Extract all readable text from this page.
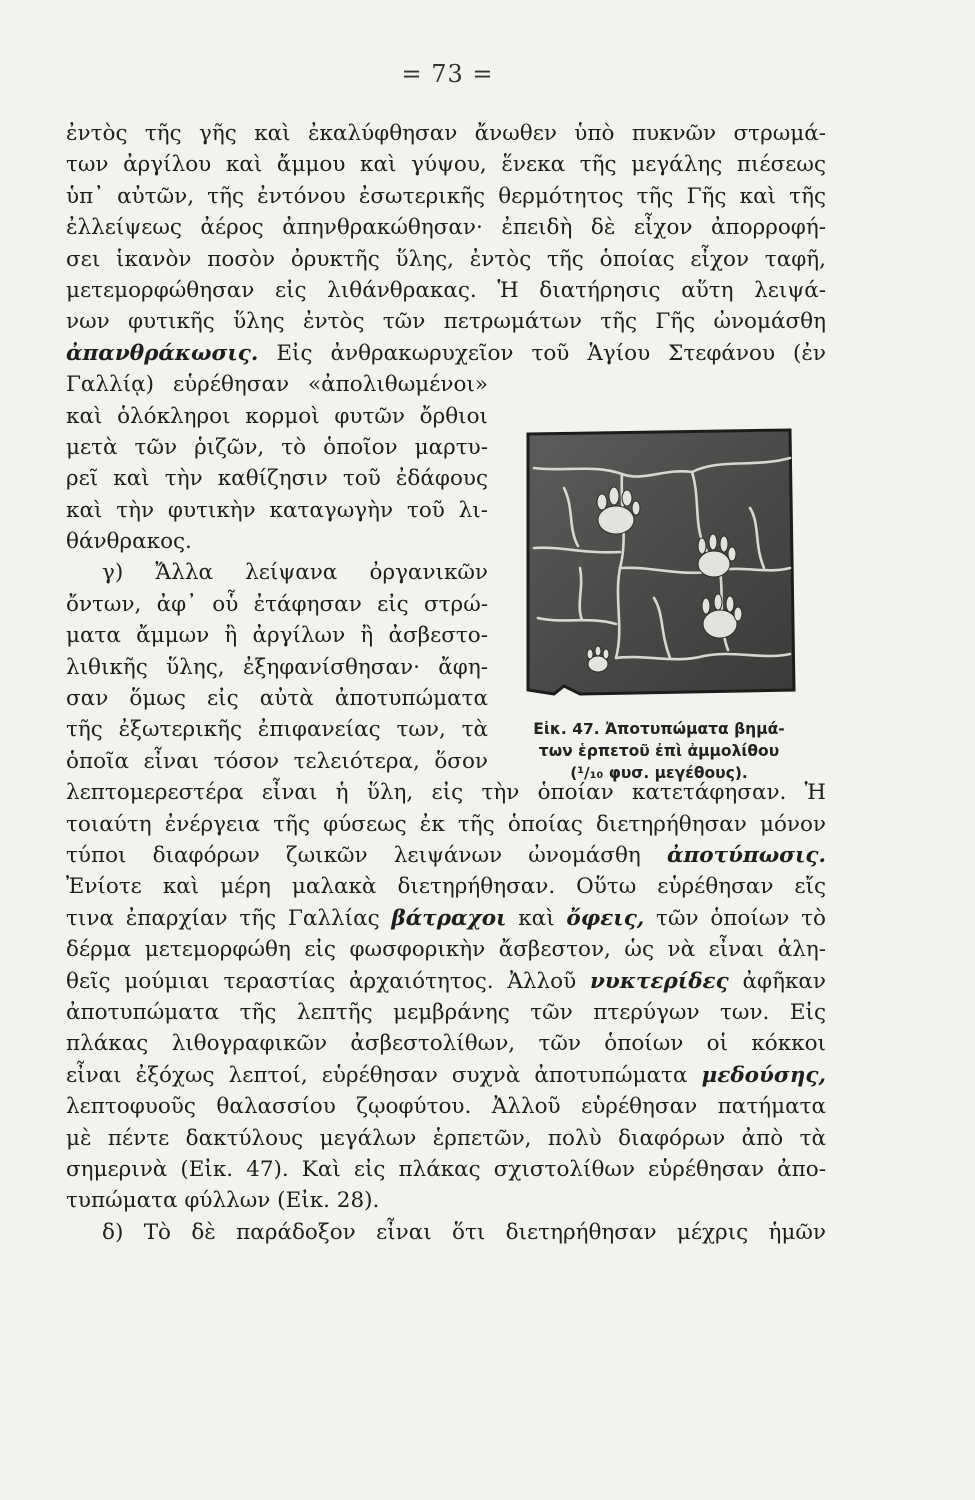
= 73 =
ἐντὸς τῆς γῆς καὶ ἐκαλύφθησαν ἄνωθεν ὑπὸ πυκνῶν στρωμά-
των ἀργίλου καὶ ἄμμου καὶ γύψου, ἕνεκα τῆς μεγάλης πιέσεως
ὑπ᾽ αὐτῶν, τῆς ἐντόνου ἐσωτερικῆς θερμότητος τῆς Γῆς καὶ τῆς
ἐλλείψεως ἀέρος ἀπηνθρακώθησαν· ἐπειδὴ δὲ εἶχον ἀπορροφή-
σει ἱκανὸν ποσὸν ὀρυκτῆς ὕλης, ἐντὸς τῆς ὁποίας εἶχον ταφῆ,
μετεμορφώθησαν εἰς λιθάνθρακας. Ἡ διατήρησις αὕτη λειψά-
νων φυτικῆς ὕλης ἐντὸς τῶν πετρωμάτων τῆς Γῆς ὠνομάσθη
ἀπανθράκωσις. Εἰς ἀνθρακωρυχεῖον τοῦ Ἁγίου Στεφάνου (ἐν
Γαλλίᾳ) εὑρέθησαν «ἀπολιθωμένοι»
καὶ ὁλόκληροι κορμοὶ φυτῶν ὄρθιοι
μετὰ τῶν ῥιζῶν, τὸ ὁποῖον μαρτυ-
ρεῖ καὶ τὴν καθίζησιν τοῦ ἐδάφους
καὶ τὴν φυτικὴν καταγωγὴν τοῦ λι-
θάνθρακος.
γ) Ἄλλα λείψανα ὀργανικῶν
ὄντων, ἀφ᾽ οὗ ἐτάφησαν εἰς στρώ-
ματα ἄμμων ἢ ἀργίλων ἢ ἀσβεστο-
λιθικῆς ὕλης, ἐξηφανίσθησαν· ἄφη-
σαν ὅμως εἰς αὐτὰ ἀποτυπώματα
τῆς ἐξωτερικῆς ἐπιφανείας των, τὰ
ὁποῖα εἶναι τόσον τελειότερα, ὅσον
λεπτομερεστέρα εἶναι ἡ ὕλη, εἰς τὴν ὁποίαν κατετάφησαν. Ἡ
τοιαύτη ἐνέργεια τῆς φύσεως ἐκ τῆς ὁποίας διετηρήθησαν μόνον
τύποι διαφόρων ζωικῶν λειψάνων ὠνομάσθη ἀποτύπωσις.
Ἐνίοτε καὶ μέρη μαλακὰ διετηρήθησαν. Οὕτω εὑρέθησαν εἴς
τινα ἐπαρχίαν τῆς Γαλλίας βάτραχοι καὶ ὄφεις, τῶν ὁποίων τὸ
δέρμα μετεμορφώθη εἰς φωσφορικὴν ἄσβεστον, ὡς νὰ εἶναι ἀλη-
θεῖς μούμιαι τεραστίας ἀρχαιότητος. Ἀλλοῦ νυκτερίδες ἀφῆκαν
ἀποτυπώματα τῆς λεπτῆς μεμβράνης τῶν πτερύγων των. Εἰς
πλάκας λιθογραφικῶν ἀσβεστολίθων, τῶν ὁποίων οἱ κόκκοι
εἶναι ἐξόχως λεπτοί, εὑρέθησαν συχνὰ ἀποτυπώματα μεδούσης,
λεπτοφυοῦς θαλασσίου ζῳοφύτου. Ἀλλοῦ εὑρέθησαν πατήματα
μὲ πέντε δακτύλους μεγάλων ἑρπετῶν, πολὺ διαφόρων ἀπὸ τὰ
σημερινὰ (Εἰκ. 47). Καὶ εἰς πλάκας σχιστολίθων εὑρέθησαν ἀπο-
τυπώματα φύλλων (Εἰκ. 28).
δ) Τὸ δὲ παράδοξον εἶναι ὅτι διετηρήθησαν μέχρις ἡμῶν
Εἰκ. 47. Ἀποτυπώματα βημά-
των ἑρπετοῦ ἐπὶ ἀμμολίθου
(¹/₁₀ φυσ. μεγέθους).
